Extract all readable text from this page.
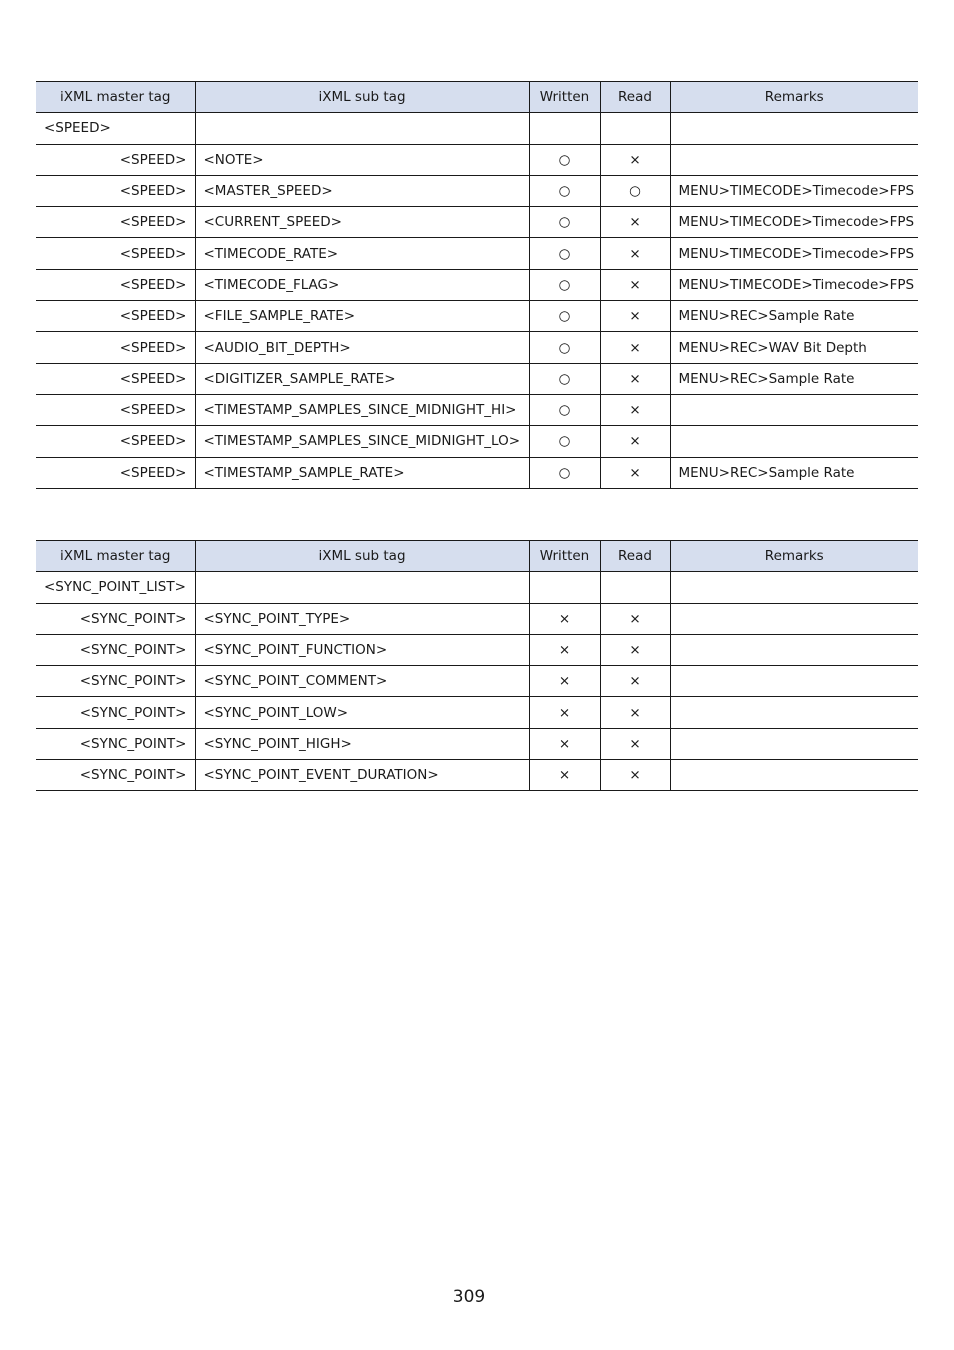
iXML master tag	iXML sub tag	Written	Read	Remarks
<SPEED>				
<SPEED>	<NOTE>	○	×	
<SPEED>	<MASTER_SPEED>	○	○	MENU>TIMECODE>Timecode>FPS
<SPEED>	<CURRENT_SPEED>	○	×	MENU>TIMECODE>Timecode>FPS
<SPEED>	<TIMECODE_RATE>	○	×	MENU>TIMECODE>Timecode>FPS
<SPEED>	<TIMECODE_FLAG>	○	×	MENU>TIMECODE>Timecode>FPS
<SPEED>	<FILE_SAMPLE_RATE>	○	×	MENU>REC>Sample Rate
<SPEED>	<AUDIO_BIT_DEPTH>	○	×	MENU>REC>WAV Bit Depth
<SPEED>	<DIGITIZER_SAMPLE_RATE>	○	×	MENU>REC>Sample Rate
<SPEED>	<TIMESTAMP_SAMPLES_SINCE_MIDNIGHT_HI>	○	×	
<SPEED>	<TIMESTAMP_SAMPLES_SINCE_MIDNIGHT_LO>	○	×	
<SPEED>	<TIMESTAMP_SAMPLE_RATE>	○	×	MENU>REC>Sample Rate
iXML master tag	iXML sub tag	Written	Read	Remarks
<SYNC_POINT_LIST>				
<SYNC_POINT>	<SYNC_POINT_TYPE>	×	×	
<SYNC_POINT>	<SYNC_POINT_FUNCTION>	×	×	
<SYNC_POINT>	<SYNC_POINT_COMMENT>	×	×	
<SYNC_POINT>	<SYNC_POINT_LOW>	×	×	
<SYNC_POINT>	<SYNC_POINT_HIGH>	×	×	
<SYNC_POINT>	<SYNC_POINT_EVENT_DURATION>	×	×	
309
